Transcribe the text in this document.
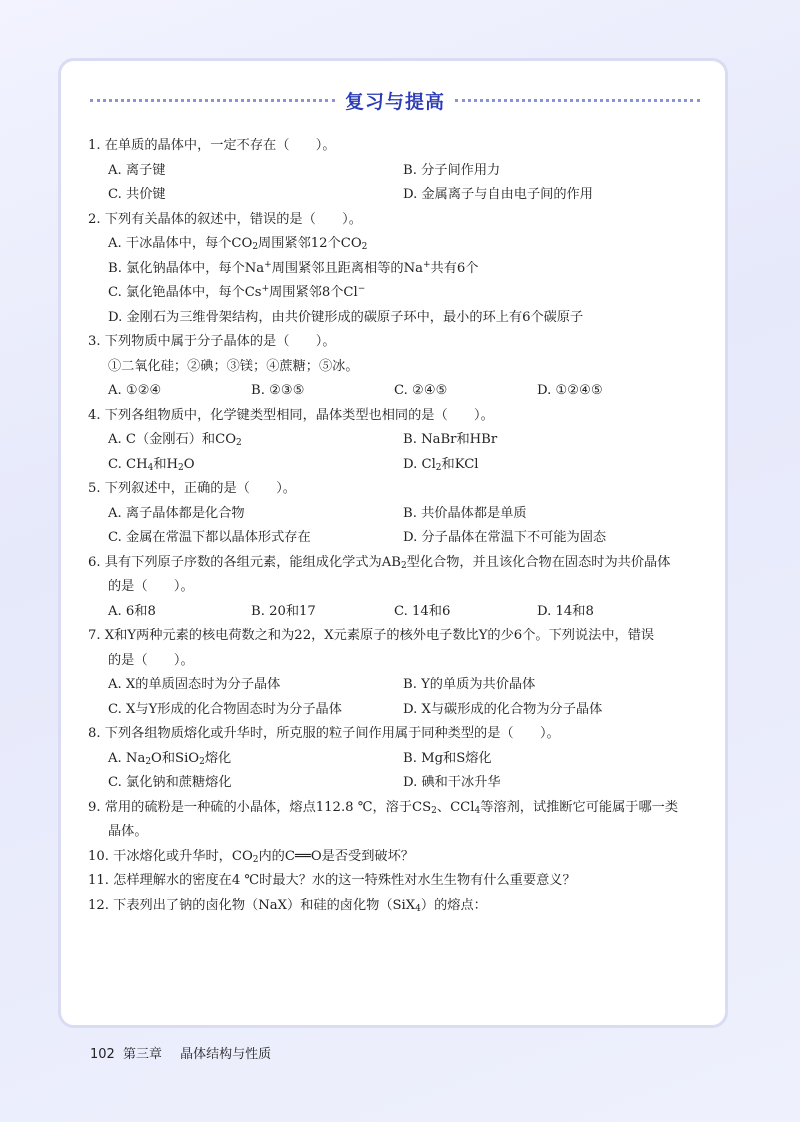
复习与提高
1. 在单质的晶体中，一定不存在（　　）。
A. 离子键	B. 分子间作用力
C. 共价键	D. 金属离子与自由电子间的作用
2. 下列有关晶体的叙述中，错误的是（　　）。
A. 干冰晶体中，每个$CO_2$周围紧邻12个$CO_2$
B. 氯化钠晶体中，每个Na+周围紧邻且距离相等的Na+共有6个
C. 氯化铯晶体中，每个Cs+周围紧邻8个Cl−
D. 金刚石为三维骨架结构，由共价键形成的碳原子环中，最小的环上有6个碳原子
3. 下列物质中属于分子晶体的是（　　）。
①二氧化硅；②碘；③镁；④蔗糖；⑤冰。
A. ①②④	B. ②③⑤	C. ②④⑤	D. ①②④⑤
4. 下列各组物质中，化学键类型相同，晶体类型也相同的是（　　）。
A. C（金刚石）和$CO_2$	B. NaBr和HBr
C. $CH_4$和$H_2O$	D. $Cl_2$和KCl
5. 下列叙述中，正确的是（　　）。
A. 离子晶体都是化合物	B. 共价晶体都是单质
C. 金属在常温下都以晶体形式存在	D. 分子晶体在常温下不可能为固态
6. 具有下列原子序数的各组元素，能组成化学式为$AB_2$型化合物，并且该化合物在固态时为共价晶体
的是（　　）。
A. 6和8	B. 20和17	C. 14和6	D. 14和8
7. X和Y两种元素的核电荷数之和为22，X元素原子的核外电子数比Y的少6个。下列说法中，错误
的是（　　）。
A. X的单质固态时为分子晶体	B. Y的单质为共价晶体
C. X与Y形成的化合物固态时为分子晶体	D. X与碳形成的化合物为分子晶体
8. 下列各组物质熔化或升华时，所克服的粒子间作用属于同种类型的是（　　）。
A. $Na_2O$和SiO$_2$熔化	B. Mg和S熔化
C. 氯化钠和蔗糖熔化	D. 碘和干冰升华
9. 常用的硫粉是一种硫的小晶体，熔点112.8 ℃，溶于$CS_2$、CCl$_4$等溶剂，试推断它可能属于哪一类
晶体。
10. 干冰熔化或升华时，$CO_2$内的C══O是否受到破坏？
11. 怎样理解水的密度在4 ℃时最大？水的这一特殊性对水生生物有什么重要意义？
12. 下表列出了钠的卤化物（NaX）和硅的卤化物（SiX$_4$）的熔点：
102 第三章 晶体结构与性质
